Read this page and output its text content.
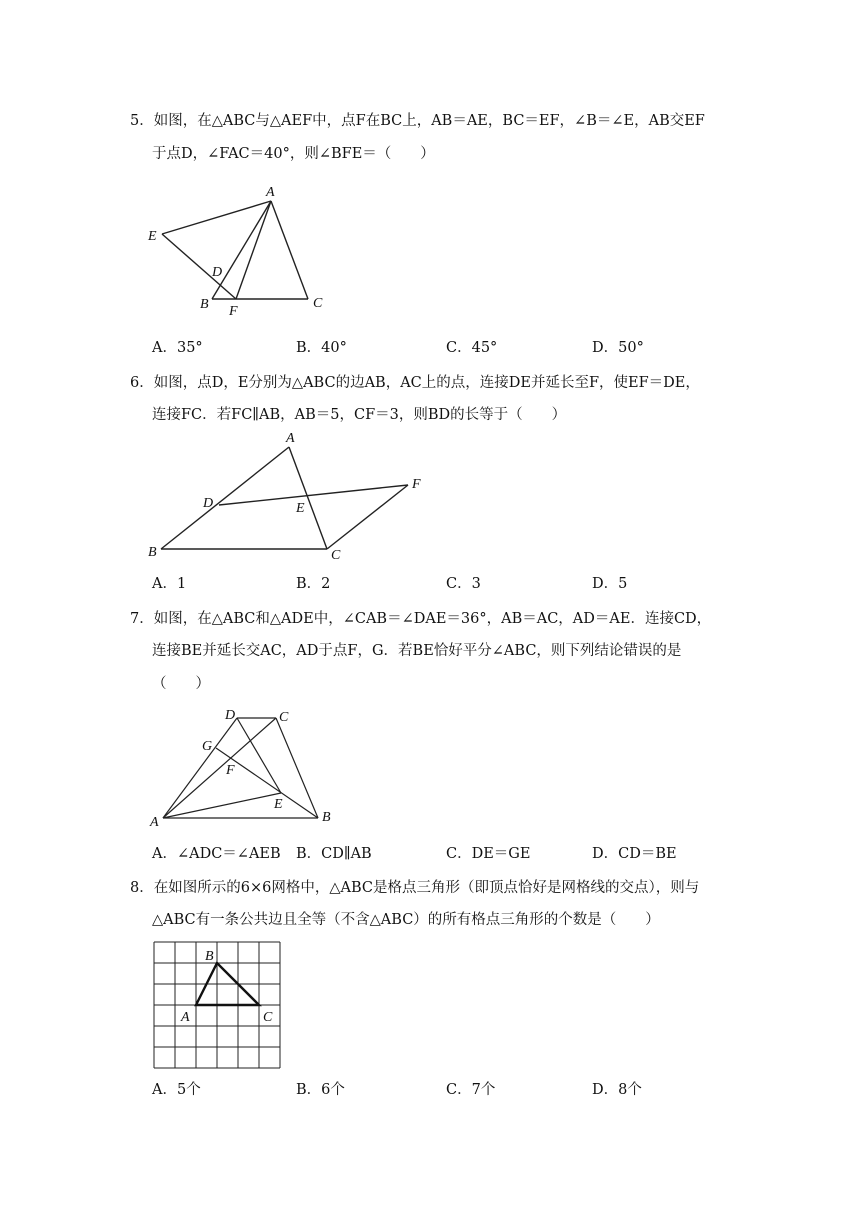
5．如图，在△ABC与△AEF中，点F在BC上，AB＝AE，BC＝EF，∠B＝∠E，AB交EF
于点D，∠FAC＝40°，则∠BFE＝（　　）
A
E
D
B F
C
A．35°	B．40°	C．45°	D．50°
6．如图，点D，E分别为△ABC的边AB，AC上的点，连接DE并延长至F，使EF＝DE，
连接FC．若FC∥AB，AB＝5，CF＝3，则BD的长等于（　　）
A
D	E
F
B	C
A．1	B．2	C．3	D．5
7．如图，在△ABC和△ADE中，∠CAB＝∠DAE＝36°，AB＝AC，AD＝AE．连接CD，
连接BE并延长交AC，AD于点F，G．若BE恰好平分∠ABC，则下列结论错误的是
（　　）
D	C
G
F
E
A	B
A．∠ADC＝∠AEB B．CD∥AB	C．DE＝GE	D．CD＝BE
8．在如图所示的6×6网格中，△ABC是格点三角形（即顶点恰好是网格线的交点），则与
△ABC有一条公共边且全等（不含△ABC）的所有格点三角形的个数是（　　）
B
A	C
A．5个	B．6个	C．7个	D．8个
